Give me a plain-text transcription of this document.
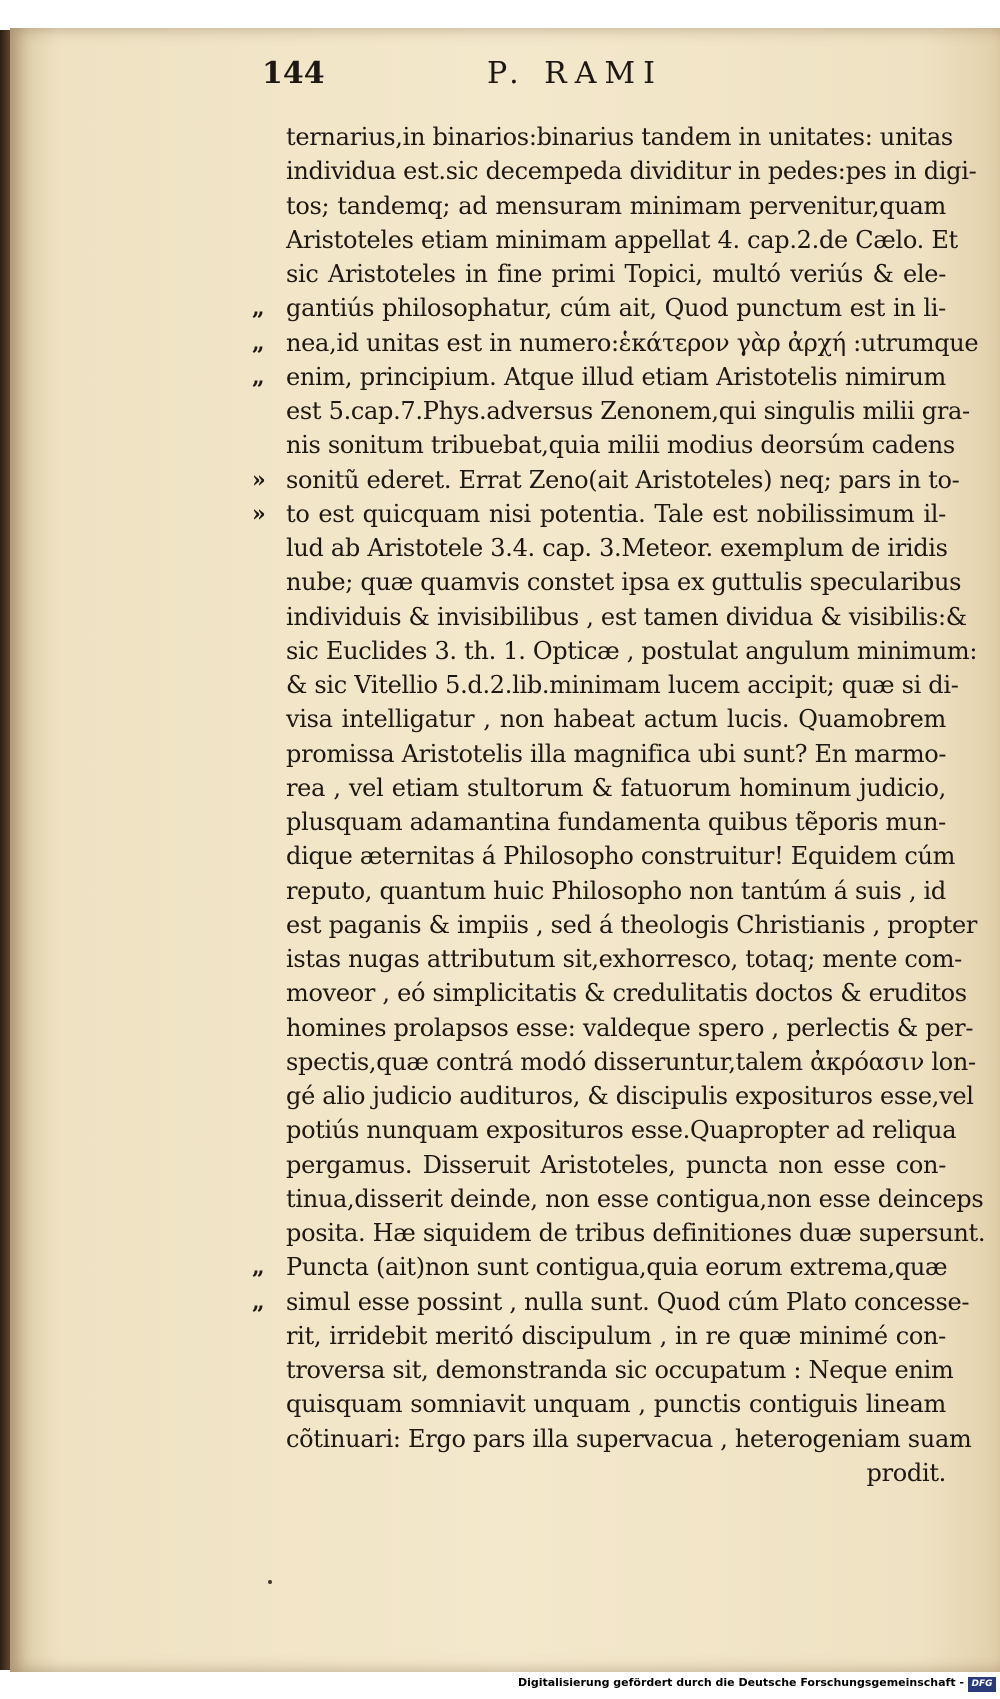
144	P. RAMI
ternarius,in binarios:binarius tandem in unitates: unitas
individua est.sic decempeda dividitur in pedes:pes in digi-
tos; tandemq; ad mensuram minimam pervenitur,quam
Aristoteles etiam minimam appellat 4. cap.2.de Cælo. Et
sic Aristoteles in fine primi Topici, multó veriús & ele-
„ gantiús philosophatur, cúm ait, Quod punctum est in li-
„ nea,id unitas est in numero:ἑκάτερον γὰρ ἀρχή :utrumque
„ enim, principium. Atque illud etiam Aristotelis nimirum
est 5.cap.7.Phys.adversus Zenonem,qui singulis milii gra-
nis sonitum tribuebat,quia milii modius deorsúm cadens
» sonitũ ederet. Errat Zeno(ait Aristoteles) neq; pars in to-
» to est quicquam nisi potentia. Tale est nobilissimum il-
lud ab Aristotele 3.4. cap. 3.Meteor. exemplum de iridis
nube; quæ quamvis constet ipsa ex guttulis specularibus
individuis & invisibilibus , est tamen dividua & visibilis:&
sic Euclides 3. th. 1. Opticæ , postulat angulum minimum:
& sic Vitellio 5.d.2.lib.minimam lucem accipit; quæ si di-
visa intelligatur , non habeat actum lucis. Quamobrem
promissa Aristotelis illa magnifica ubi sunt? En marmo-
rea , vel etiam stultorum & fatuorum hominum judicio,
plusquam adamantina fundamenta quibus tẽporis mun-
dique æternitas á Philosopho construitur! Equidem cúm
reputo, quantum huic Philosopho non tantúm á suis , id
est paganis & impiis , sed á theologis Christianis , propter
istas nugas attributum sit,exhorresco, totaq; mente com-
moveor , eó simplicitatis & credulitatis doctos & eruditos
homines prolapsos esse: valdeque spero , perlectis & per-
spectis,quæ contrá modó disseruntur,talem ἀκρόασιν lon-
gé alio judicio audituros, & discipulis exposituros esse,vel
potiús nunquam exposituros esse.Quapropter ad reliqua
pergamus. Disseruit Aristoteles, puncta non esse con-
tinua,disserit deinde, non esse contigua,non esse deinceps
posita. Hæ siquidem de tribus definitiones duæ supersunt.
„ Puncta (ait)non sunt contigua,quia eorum extrema,quæ
„ simul esse possint , nulla sunt. Quod cúm Plato concesse-
rit, irridebit meritó discipulum , in re quæ minimé con-
troversa sit, demonstranda sic occupatum : Neque enim
quisquam somniavit unquam , punctis contiguis lineam
cõtinuari: Ergo pars illa supervacua , heterogeniam suam
prodit.
Digitalisierung gefördert durch die Deutsche Forschungsgemeinschaft - DFG
